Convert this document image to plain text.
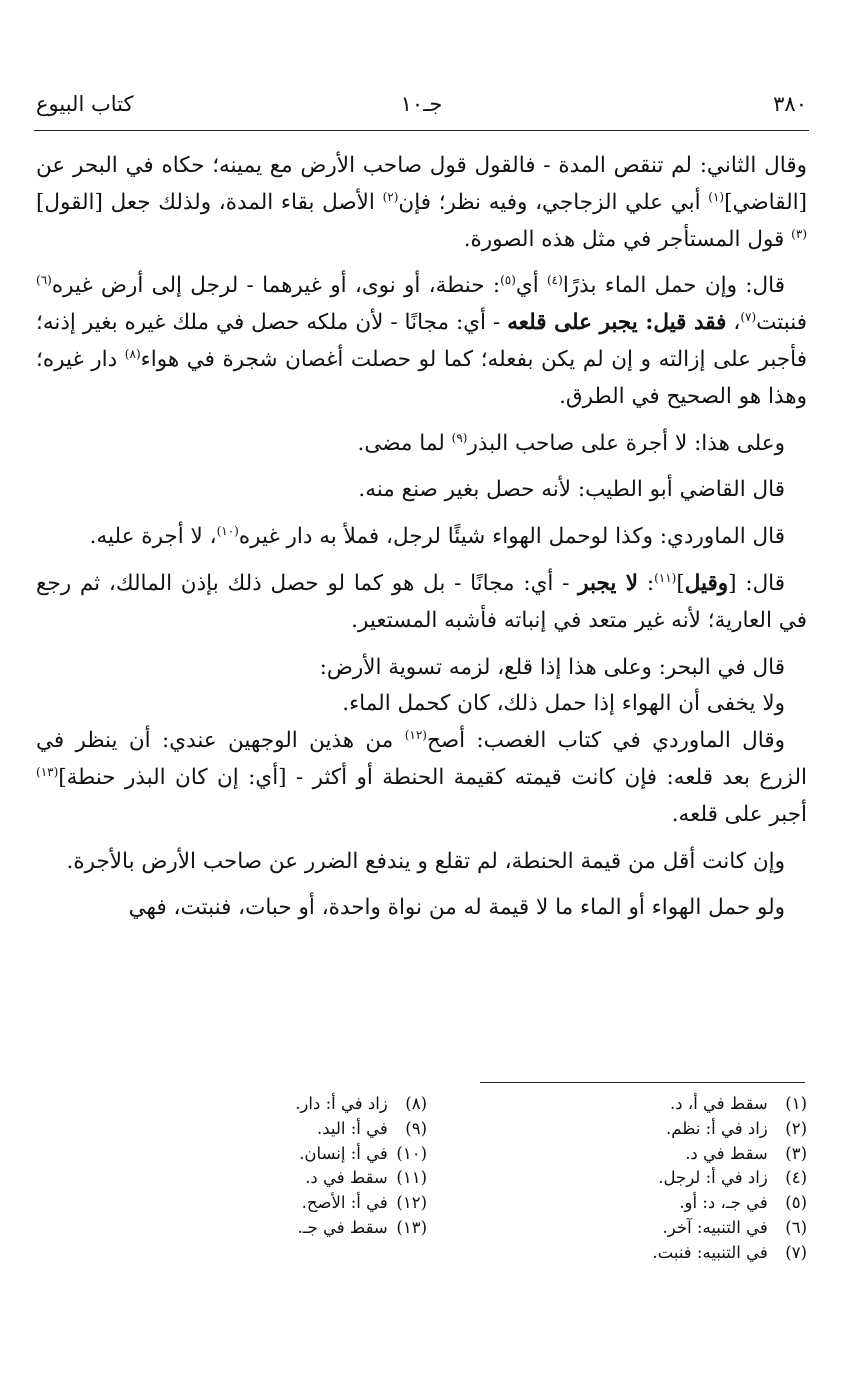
٣٨٠
جـ١٠
كتاب البيوع

وقال الثاني: لم تنقص المدة - فالقول قول صاحب الأرض مع يمينه؛ حكاه في البحر عن [القاضي]$^{(١)}$ أبي علي الزجاجي، وفيه نظر؛ فإن$^{(٢)}$ الأصل بقاء المدة، ولذلك جعل [القول]$^{(٣)}$ قول المستأجر في مثل هذه الصورة.

قال: وإن حمل الماء بذرًا$^{(٤)}$ أي$^{(٥)}$: حنطة، أو نوى، أو غيرهما - لرجل إلى أرض غيره$^{(٦)}$ فنبتت$^{(٧)}$، فقد قيل: يجبر على قلعه - أي: مجانًا - لأن ملكه حصل في ملك غيره بغير إذنه؛ فأجبر على إزالته و إن لم يكن بفعله؛ كما لو حصلت أغصان شجرة في هواء$^{(٨)}$ دار غيره؛ وهذا هو الصحيح في الطرق.

وعلى هذا: لا أجرة على صاحب البذر$^{(٩)}$ لما مضى.

قال القاضي أبو الطيب: لأنه حصل بغير صنع منه.

قال الماوردي: وكذا لوحمل الهواء شيئًا لرجل، فملأ به دار غيره$^{(١٠)}$، لا أجرة عليه.

قال: [وقيل]$^{(١١)}$: لا يجبر - أي: مجانًا - بل هو كما لو حصل ذلك بإذن المالك، ثم رجع في العارية؛ لأنه غير متعد في إنباته فأشبه المستعير.

قال في البحر: وعلى هذا إذا قلع، لزمه تسوية الأرض:

ولا يخفى أن الهواء إذا حمل ذلك، كان كحمل الماء.

وقال الماوردي في كتاب الغصب: أصح$^{(١٢)}$ من هذين الوجهين عندي: أن ينظر في الزرع بعد قلعه: فإن كانت قيمته كقيمة الحنطة أو أكثر - [أي: إن كان البذر حنطة]$^{(١٣)}$ أجبر على قلعه.

وإن كانت أقل من قيمة الحنطة، لم تقلع و يندفع الضرر عن صاحب الأرض بالأجرة.

ولو حمل الهواء أو الماء ما لا قيمة له من نواة واحدة، أو حبات، فنبتت، فهي

(١) سقط في أ، د.
(٢) زاد في أ: نظم.
(٣) سقط في د.
(٤) زاد في أ: لرجل.
(٥) في جـ، د: أو.
(٦) في التنبيه: آخر.
(٧) في التنبيه: فنبت.
(٨) زاد في أ: دار.
(٩) في أ: اليد.
(١٠) في أ: إنسان.
(١١) سقط في د.
(١٢) في أ: الأصح.
(١٣) سقط في جـ.
